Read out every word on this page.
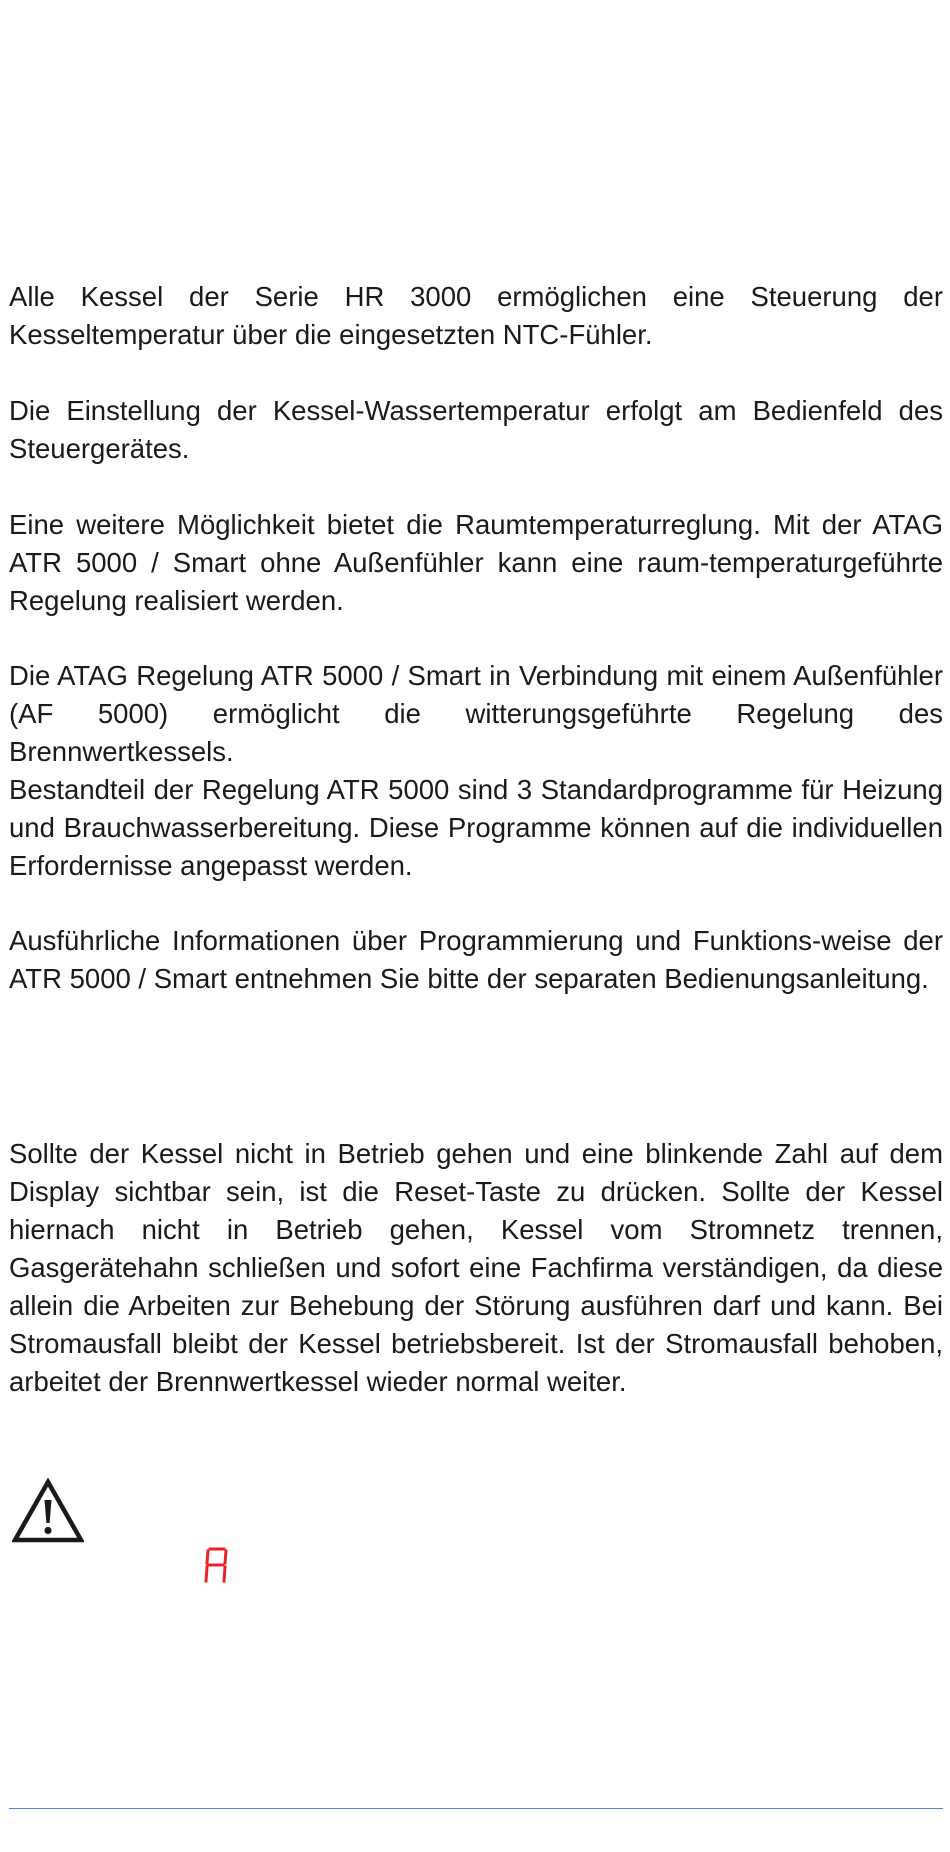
Alle Kessel der Serie HR 3000 ermöglichen eine Steuerung der Kesseltemperatur über die eingesetzten NTC-Fühler.

Die Einstellung der Kessel-Wassertemperatur erfolgt am Bedienfeld des Steuergerätes.

Eine weitere Möglichkeit bietet die Raumtemperaturreglung. Mit der ATAG ATR 5000 / Smart ohne Außenfühler kann eine raum-temperaturgeführte Regelung realisiert werden.

Die ATAG Regelung ATR 5000 / Smart in Verbindung mit einem Außenfühler (AF 5000) ermöglicht die witterungsgeführte Regelung des Brennwertkessels.

Bestandteil der Regelung ATR 5000 sind 3 Standardprogramme für Heizung und Brauchwasserbereitung. Diese Programme können auf die individuellen Erfordernisse angepasst werden.

Ausführliche Informationen über Programmierung und Funktions-weise der ATR 5000 / Smart entnehmen Sie bitte der separaten Bedienungsanleitung.

Sollte der Kessel nicht in Betrieb gehen und eine blinkende Zahl auf dem Display sichtbar sein, ist die Reset-Taste zu drücken. Sollte der Kessel hiernach nicht in Betrieb gehen, Kessel vom Stromnetz trennen, Gasgerätehahn schließen und sofort eine Fachfirma verständigen, da diese allein die Arbeiten zur Behebung der Störung ausführen darf und kann. Bei Stromausfall bleibt der Kessel betriebsbereit. Ist der Stromausfall behoben, arbeitet der Brennwertkessel wieder normal weiter.
